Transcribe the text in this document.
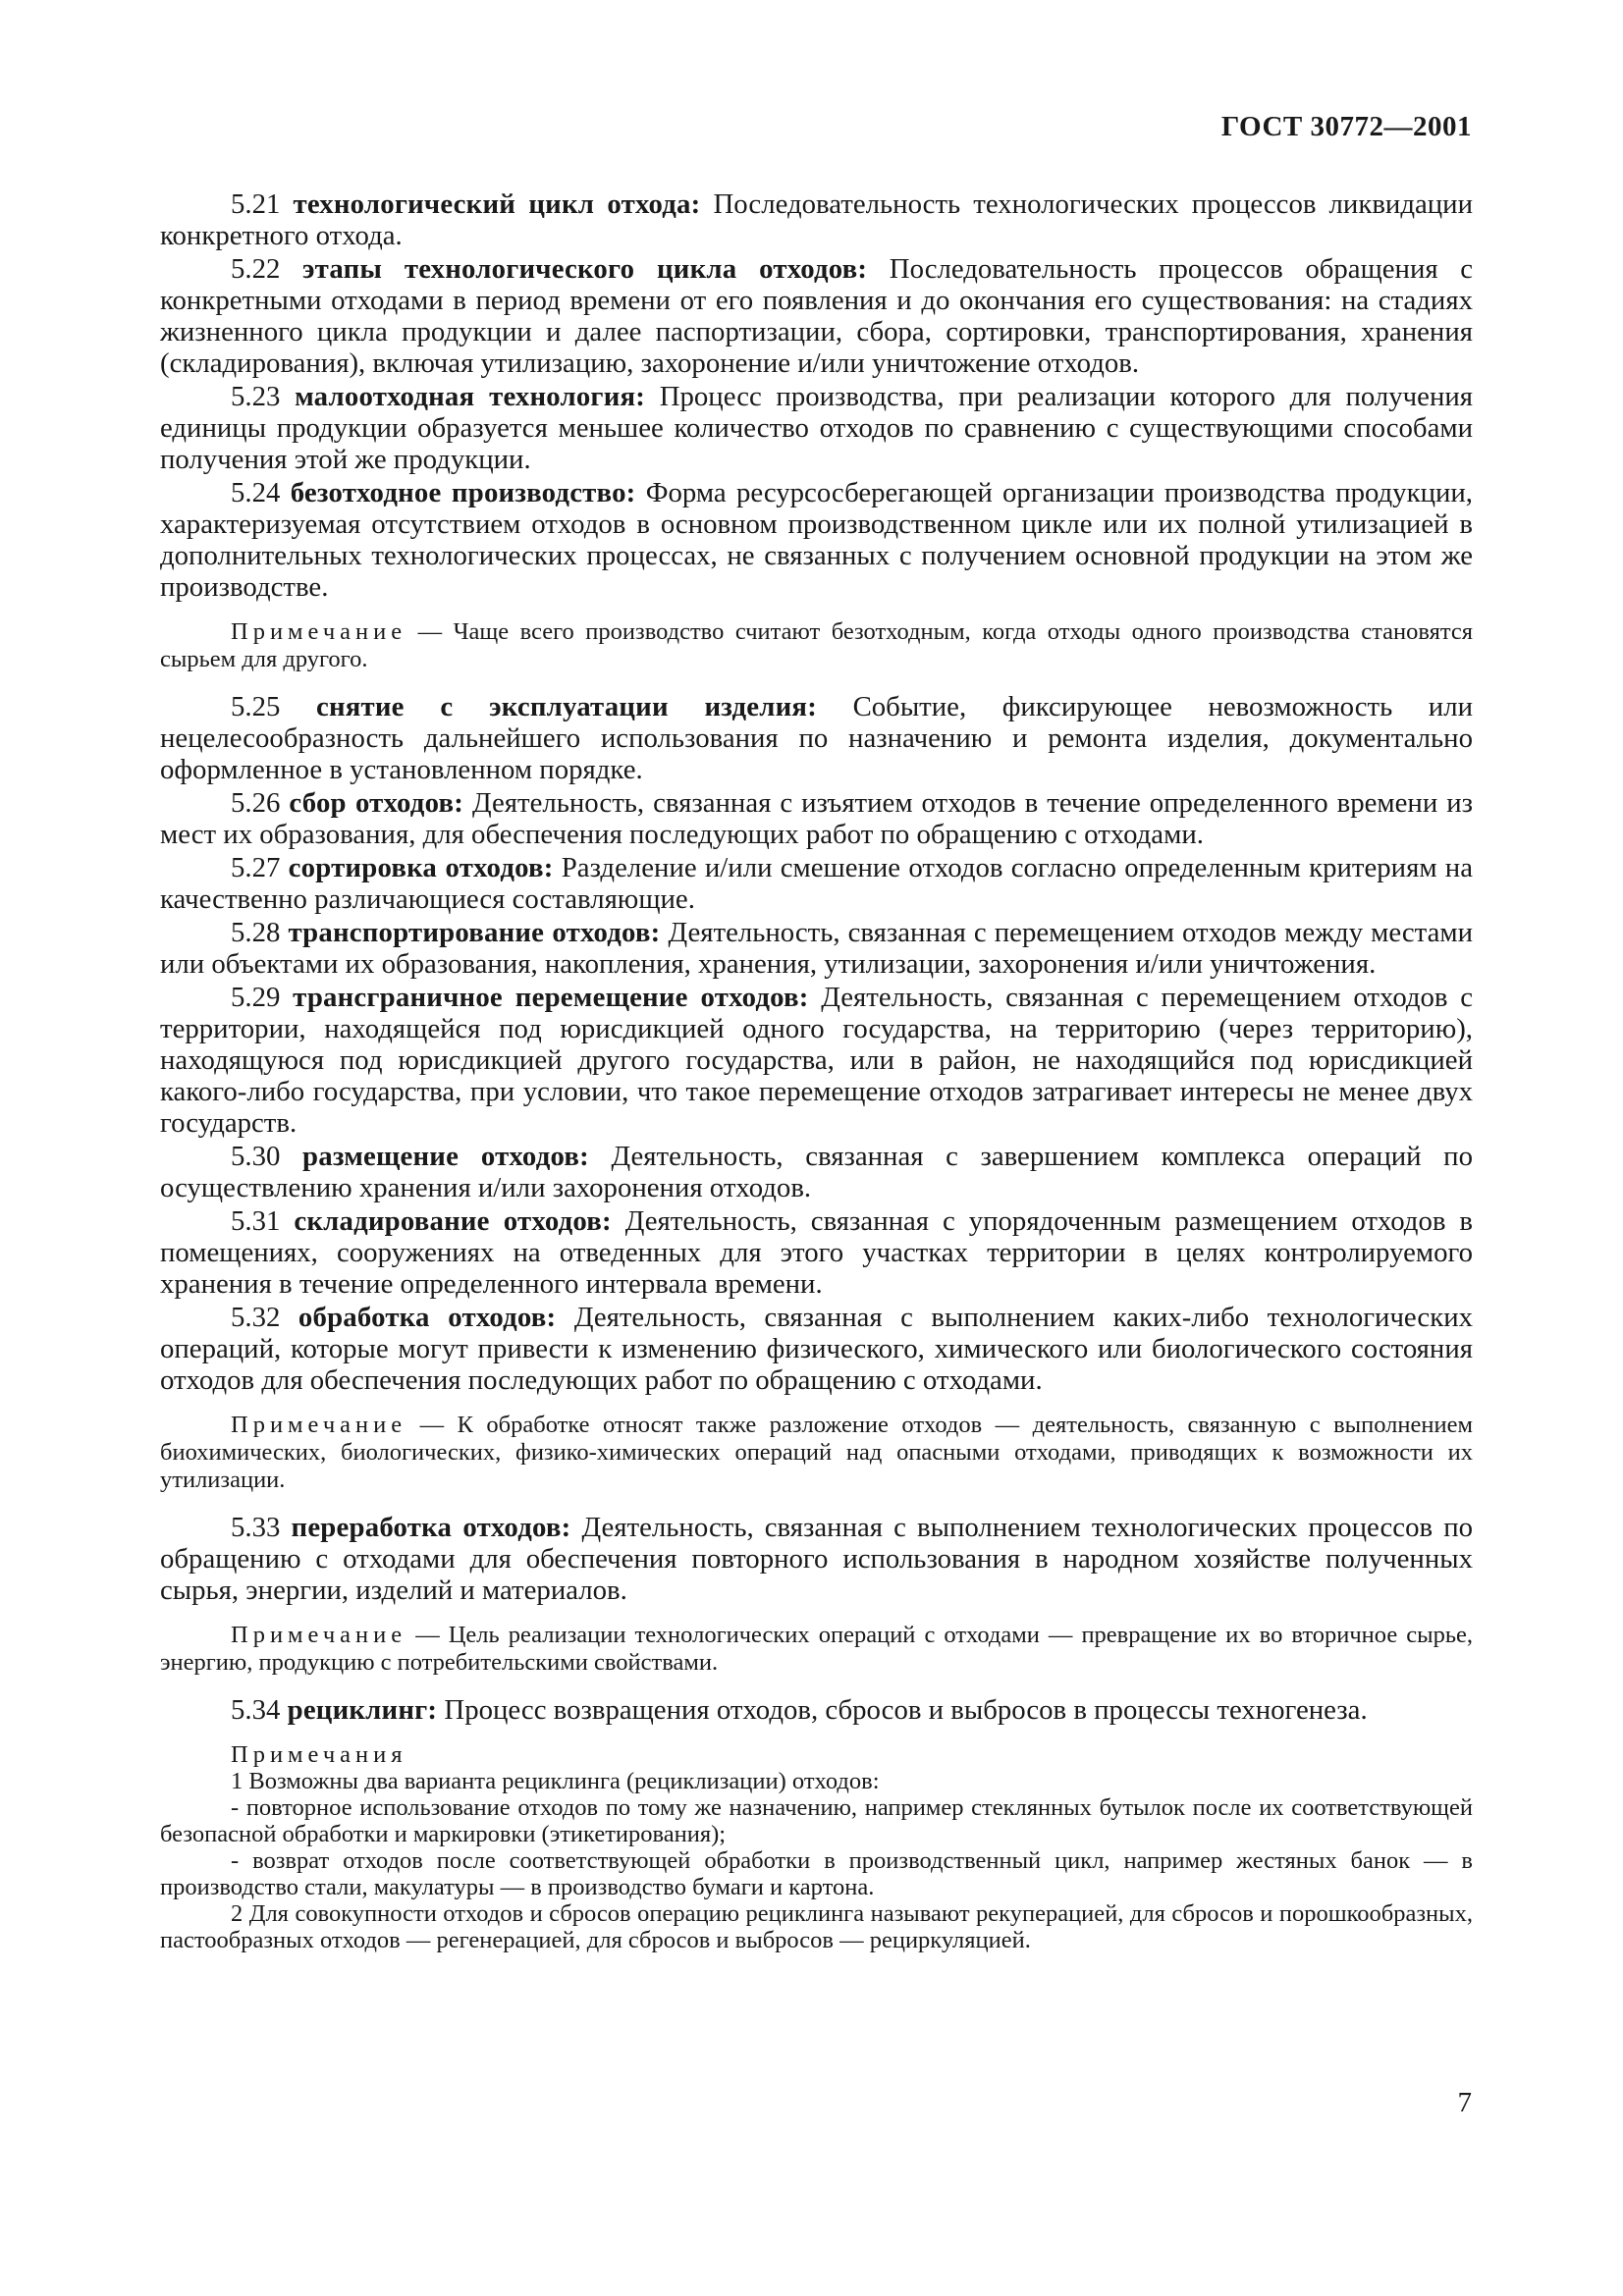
ГОСТ 30772—2001

5.21 технологический цикл отхода: Последовательность технологических процессов ликвидации конкретного отхода.

5.22 этапы технологического цикла отходов: Последовательность процессов обращения с конкретными отходами в период времени от его появления и до окончания его существования: на стадиях жизненного цикла продукции и далее паспортизации, сбора, сортировки, транспортирования, хранения (складирования), включая утилизацию, захоронение и/или уничтожение отходов.

5.23 малоотходная технология: Процесс производства, при реализации которого для получения единицы продукции образуется меньшее количество отходов по сравнению с существующими способами получения этой же продукции.

5.24 безотходное производство: Форма ресурсосберегающей организации производства продукции, характеризуемая отсутствием отходов в основном производственном цикле или их полной утилизацией в дополнительных технологических процессах, не связанных с получением основной продукции на этом же производстве.

Примечание — Чаще всего производство считают безотходным, когда отходы одного производства становятся сырьем для другого.

5.25 снятие с эксплуатации изделия: Событие, фиксирующее невозможность или нецелесообразность дальнейшего использования по назначению и ремонта изделия, документально оформленное в установленном порядке.

5.26 сбор отходов: Деятельность, связанная с изъятием отходов в течение определенного времени из мест их образования, для обеспечения последующих работ по обращению с отходами.

5.27 сортировка отходов: Разделение и/или смешение отходов согласно определенным критериям на качественно различающиеся составляющие.

5.28 транспортирование отходов: Деятельность, связанная с перемещением отходов между местами или объектами их образования, накопления, хранения, утилизации, захоронения и/или уничтожения.

5.29 трансграничное перемещение отходов: Деятельность, связанная с перемещением отходов с территории, находящейся под юрисдикцией одного государства, на территорию (через территорию), находящуюся под юрисдикцией другого государства, или в район, не находящийся под юрисдикцией какого-либо государства, при условии, что такое перемещение отходов затрагивает интересы не менее двух государств.

5.30 размещение отходов: Деятельность, связанная с завершением комплекса операций по осуществлению хранения и/или захоронения отходов.

5.31 складирование отходов: Деятельность, связанная с упорядоченным размещением отходов в помещениях, сооружениях на отведенных для этого участках территории в целях контролируемого хранения в течение определенного интервала времени.

5.32 обработка отходов: Деятельность, связанная с выполнением каких-либо технологических операций, которые могут привести к изменению физического, химического или биологического состояния отходов для обеспечения последующих работ по обращению с отходами.

Примечание — К обработке относят также разложение отходов — деятельность, связанную с выполнением биохимических, биологических, физико-химических операций над опасными отходами, приводящих к возможности их утилизации.

5.33 переработка отходов: Деятельность, связанная с выполнением технологических процессов по обращению с отходами для обеспечения повторного использования в народном хозяйстве полученных сырья, энергии, изделий и материалов.

Примечание — Цель реализации технологических операций с отходами — превращение их во вторичное сырье, энергию, продукцию с потребительскими свойствами.

5.34 рециклинг: Процесс возвращения отходов, сбросов и выбросов в процессы техногенеза.

Примечания

1 Возможны два варианта рециклинга (рециклизации) отходов:

- повторное использование отходов по тому же назначению, например стеклянных бутылок после их соответствующей безопасной обработки и маркировки (этикетирования);

- возврат отходов после соответствующей обработки в производственный цикл, например жестяных банок — в производство стали, макулатуры — в производство бумаги и картона.

2 Для совокупности отходов и сбросов операцию рециклинга называют рекуперацией, для сбросов и порошкообразных, пастообразных отходов — регенерацией, для сбросов и выбросов — рециркуляцией.

7
